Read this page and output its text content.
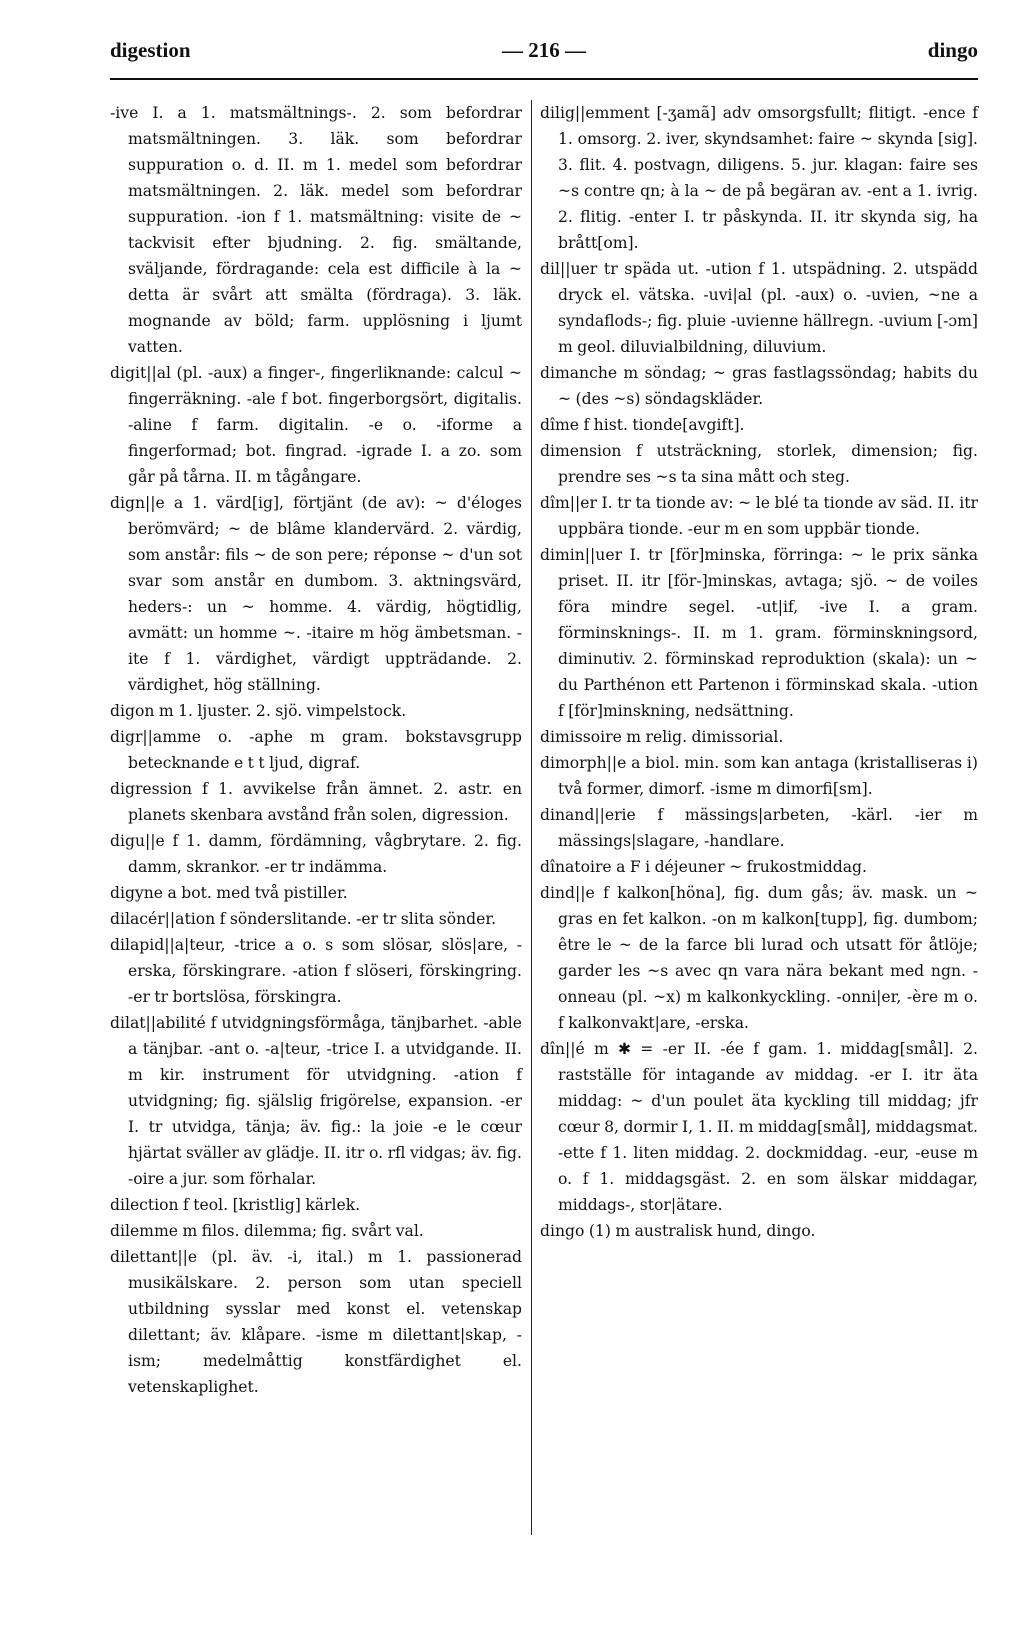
digestion	— 216 —	dingo

-ive I. a 1. matsmältnings-. 2. som befordrar matsmältningen. 3. läk. som befordrar suppuration o. d. II. m 1. medel som befordrar matsmältningen. 2. läk. medel som befordrar suppuration. -ion f 1. matsmältning: visite de ~ tackvisit efter bjudning. 2. fig. smältande, sväljande, fördragande: cela est difficile à la ~ detta är svårt att smälta (fördraga). 3. läk. mognande av böld; farm. upplösning i ljumt vatten.

digit||al (pl. -aux) a finger-, fingerliknande: calcul ~ fingerräkning. -ale f bot. fingerborgsört, digitalis. -aline f farm. digitalin. -e o. -iforme a fingerformad; bot. fingrad. -igrade I. a zo. som går på tårna. II. m tågångare.

dign||e a 1. värd[ig], förtjänt (de av): ~ d'éloges berömvärd; ~ de blâme klandervärd. 2. värdig, som anstår: fils ~ de son pere; réponse ~ d'un sot svar som anstår en dumbom. 3. aktningsvärd, heders-: un ~ homme. 4. värdig, högtidlig, avmätt: un homme ~. -itaire m hög ämbetsman. -ite f 1. värdighet, värdigt uppträdande. 2. värdighet, hög ställning.

digon m 1. ljuster. 2. sjö. vimpelstock.

digr||amme o. -aphe m gram. bokstavsgrupp betecknande e t t ljud, digraf.

digression f 1. avvikelse från ämnet. 2. astr. en planets skenbara avstånd från solen, digression.

digu||e f 1. damm, fördämning, vågbrytare. 2. fig. damm, skrankor. -er tr indämma.

digyne a bot. med två pistiller.

dilacér||ation f sönderslitande. -er tr slita sönder.

dilapid||a|teur, -trice a o. s som slösar, slös|are, -erska, förskingrare. -ation f slöseri, förskingring. -er tr bortslösa, förskingra.

dilat||abilité f utvidgningsförmåga, tänjbarhet. -able a tänjbar. -ant o. -a|teur, -trice I. a utvidgande. II. m kir. instrument för utvidgning. -ation f utvidgning; fig. själslig frigörelse, expansion. -er I. tr utvidga, tänja; äv. fig.: la joie -e le cœur hjärtat sväller av glädje. II. itr o. rfl vidgas; äv. fig. -oire a jur. som förhalar.

dilection f teol. [kristlig] kärlek.

dilemme m filos. dilemma; fig. svårt val.

dilettant||e (pl. äv. -i, ital.) m 1. passionerad musikälskare. 2. person som utan speciell utbildning sysslar med konst el. vetenskap dilettant; äv. klåpare. -isme m dilettant|skap, -ism; medelmåttig konstfärdighet el. vetenskaplighet.

dilig||emment [-ʒamã] adv omsorgsfullt; flitigt. -ence f 1. omsorg. 2. iver, skyndsamhet: faire ~ skynda [sig]. 3. flit. 4. postvagn, diligens. 5. jur. klagan: faire ses ~s contre qn; à la ~ de på begäran av. -ent a 1. ivrig. 2. flitig. -enter I. tr påskynda. II. itr skynda sig, ha brått[om].

dil||uer tr späda ut. -ution f 1. utspädning. 2. utspädd dryck el. vätska. -uvi|al (pl. -aux) o. -uvien, ~ne a syndaflods-; fig. pluie -uvienne hällregn. -uvium [-ɔm] m geol. diluvialbildning, diluvium.

dimanche m söndag; ~ gras fastlagssöndag; habits du ~ (des ~s) söndagskläder.

dîme f hist. tionde[avgift].

dimension f utsträckning, storlek, dimension; fig. prendre ses ~s ta sina mått och steg.

dîm||er I. tr ta tionde av: ~ le blé ta tionde av säd. II. itr uppbära tionde. -eur m en som uppbär tionde.

dimin||uer I. tr [för]minska, förringa: ~ le prix sänka priset. II. itr [för-]minskas, avtaga; sjö. ~ de voiles föra mindre segel. -ut|if, -ive I. a gram. förminsknings-. II. m 1. gram. förminskningsord, diminutiv. 2. förminskad reproduktion (skala): un ~ du Parthénon ett Partenon i förminskad skala. -ution f [för]minskning, nedsättning.

dimissoire m relig. dimissorial.

dimorph||e a biol. min. som kan antaga (kristalliseras i) två former, dimorf. -isme m dimorfi[sm].

dinand||erie f mässings|arbeten, -kärl. -ier m mässings|slagare, -handlare.

dînatoire a F i déjeuner ~ frukostmiddag.

dind||e f kalkon[höna], fig. dum gås; äv. mask. un ~ gras en fet kalkon. -on m kalkon[tupp], fig. dumbom; être le ~ de la farce bli lurad och utsatt för åtlöje; garder les ~s avec qn vara nära bekant med ngn. -onneau (pl. ~x) m kalkonkyckling. -onni|er, -ère m o. f kalkonvakt|are, -erska.

dîn||é m ✱ = -er II. -ée f gam. 1. middag[smål]. 2. rastställe för intagande av middag. -er I. itr äta middag: ~ d'un poulet äta kyckling till middag; jfr cœur 8, dormir I, 1. II. m middag[smål], middagsmat. -ette f 1. liten middag. 2. dockmiddag. -eur, -euse m o. f 1. middagsgäst. 2. en som älskar middagar, middags-, stor|ätare.

dingo (1) m australisk hund, dingo.
